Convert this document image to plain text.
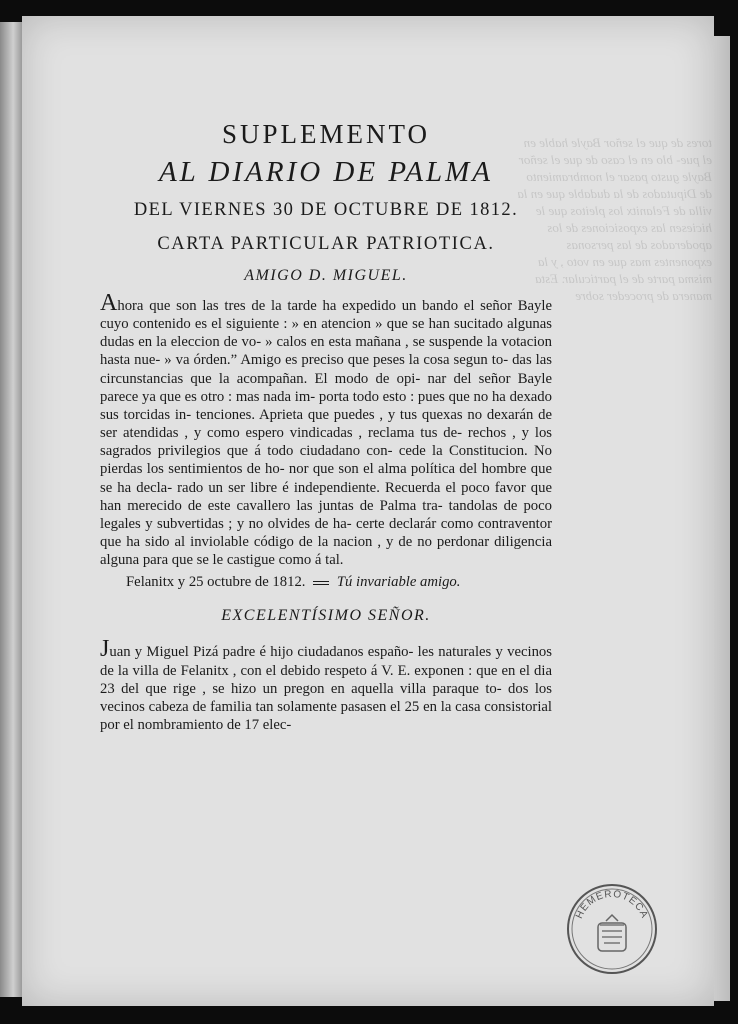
tores de que el señor Bayle hable en el pue- blo en el caso de que el señor Bayle gusto pasar el nombramiento de Diputados de la dudable que en la villa de Felanitx los pleitos que le hiciesen las exposiciones de los apoderados de las personas exponentes mas que en voto , y la misma parte de el particular. Esta manera de proceder sobre
SUPLEMENTO
AL DIARIO DE PALMA
DEL VIERNES 30 DE OCTUBRE DE 1812.
CARTA PARTICULAR PATRIOTICA.
AMIGO D. MIGUEL.

Ahora que son las tres de la tarde ha expedido un bando el señor Bayle cuyo contenido es el siguiente : » en atencion » que se han sucitado algunas dudas en la eleccion de vo- » calos en esta mañana , se suspende la votacion hasta nue- » va órden.” Amigo es preciso que peses la cosa segun to- das las circunstancias que la acompañan. El modo de opi- nar del señor Bayle parece ya que es otro : mas nada im- porta todo esto : pues que no ha dexado sus torcidas in- tenciones. Aprieta que puedes , y tus quexas no dexarán de ser atendidas , y como espero vindicadas , reclama tus de- rechos , y los sagrados privilegios que á todo ciudadano con- cede la Constitucion. No pierdas los sentimientos de ho- nor que son el alma política del hombre que se ha decla- rado un ser libre é independiente. Recuerda el poco favor que han merecido de este cavallero las juntas de Palma tra- tandolas de poco legales y subvertidas ; y no olvides de ha- certe declarár como contraventor que ha sido al inviolable código de la nacion , y de no perdonar diligencia alguna para que se le castigue como á tal.

Felanitx y 25 octubre de 1812. Tú invariable amigo.
EXCELENTÍSIMO SEÑOR.

Juan y Miguel Pizá padre é hijo ciudadanos españo- les naturales y vecinos de la villa de Felanitx , con el debido respeto á V. E. exponen : que en el dia 23 del que rige , se hizo un pregon en aquella villa paraque to- dos los vecinos cabeza de familia tan solamente pasasen el 25 en la casa consistorial por el nombramiento de 17 elec-

HEMEROTECA
